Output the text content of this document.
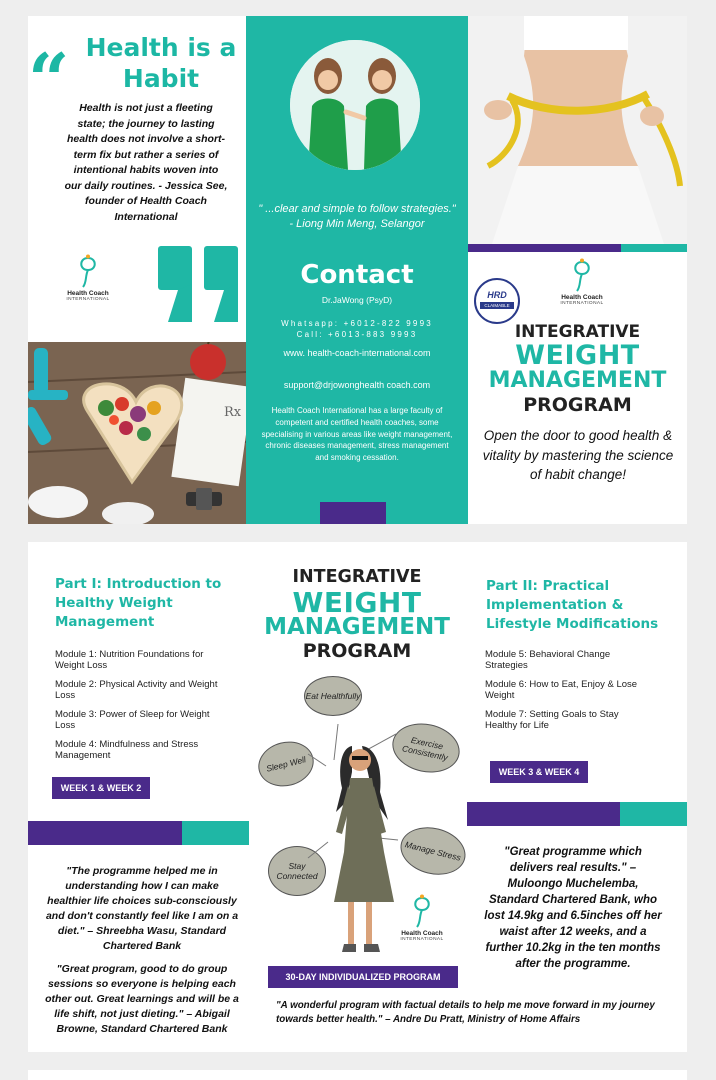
“ Health is a Habit
Health is not just a fleeting state; the journey to lasting health does not involve a short-term fix but rather a series of intentional habits woven into our daily routines. - Jessica See, founder of Health Coach International
Health Coach
INTERNATIONAL
Rx
" ...clear and simple to follow strategies." - Liong Min Meng, Selangor
Contact
Dr.JaWong (PsyD)
Whatsapp: +6012-822 9993
Call: +6013-883 9993
www. health-coach-international.com
support@drjowonghealth coach.com
Health Coach International has a large faculty of competent and certified health coaches, some specialising in various areas like weight management, chronic diseases management, stress management and smoking cessation.
HRD
CLAIMABLE
Health Coach
INTERNATIONAL
INTEGRATIVE
WEIGHT
MANAGEMENT
PROGRAM
Open the door to good health & vitality by mastering the science of habit change!
Part I: Introduction to Healthy Weight Management
Module 1: Nutrition Foundations for Weight Loss
Module 2: Physical Activity and Weight Loss
Module 3: Power of Sleep for Weight Loss
Module 4: Mindfulness and Stress Management
WEEK 1 & WEEK 2
Part II: Practical Implementation & Lifestyle Modifications
Module 5: Behavioral Change Strategies
Module 6: How to Eat, Enjoy & Lose Weight
Module 7: Setting Goals to Stay Healthy for Life
WEEK 3 & WEEK 4
INTEGRATIVE
WEIGHT
MANAGEMENT
PROGRAM
Eat Healthfully
Exercise Consistently
Sleep Well
Manage Stress
Stay Connected
Health Coach
INTERNATIONAL
30-DAY INDIVIDUALIZED PROGRAM
"The programme helped me in understanding how I can make healthier life choices sub-consciously and don't constantly feel like I am on a diet." – Shreebha Wasu, Standard Chartered Bank
"Great program, good to do group sessions so everyone is helping each other out. Great learnings and will be a life shift, not just dieting." – Abigail Browne, Standard Chartered Bank
"Great programme which delivers real results." – Muloongo Muchelemba, Standard Chartered Bank, who lost 14.9kg and 6.5inches off her waist after 12 weeks, and a further 10.2kg in the ten months after the programme.
"A wonderful program with factual details to help me move forward in my journey towards better health." – Andre Du Pratt, Ministry of Home Affairs
